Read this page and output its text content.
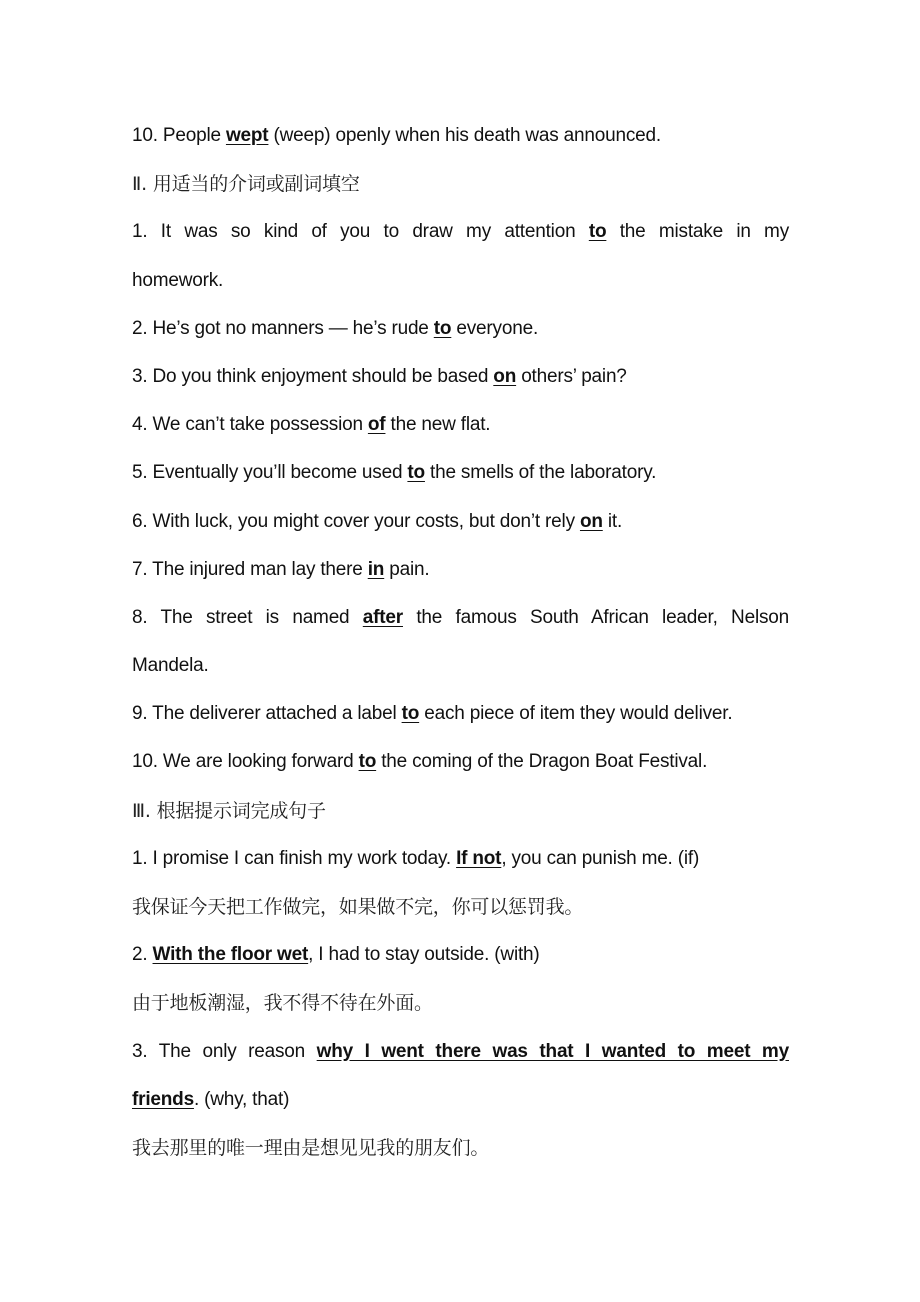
10. People wept (weep) openly when his death was announced.
Ⅱ. 用适当的介词或副词填空
1. It was so kind of you to draw my attention to the mistake in my
homework.
2. He’s got no manners — he’s rude to everyone.
3. Do you think enjoyment should be based on others’ pain?
4. We can’t take possession of the new flat.
5. Eventually you’ll become used to the smells of the laboratory.
6. With luck, you might cover your costs, but don’t rely on it.
7. The injured man lay there in pain.
8. The street is named after the famous South African leader, Nelson
Mandela.
9. The deliverer attached a label to each piece of item they would deliver.
10. We are looking forward to the coming of the Dragon Boat Festival.
Ⅲ. 根据提示词完成句子
1. I promise I can finish my work today. If not, you can punish me. (if)
我保证今天把工作做完，如果做不完，你可以惩罚我。
2. With the floor wet, I had to stay outside. (with)
由于地板潮湿，我不得不待在外面。
3. The only reason why I went there was that I wanted to meet my
friends. (why, that)
我去那里的唯一理由是想见见我的朋友们。
